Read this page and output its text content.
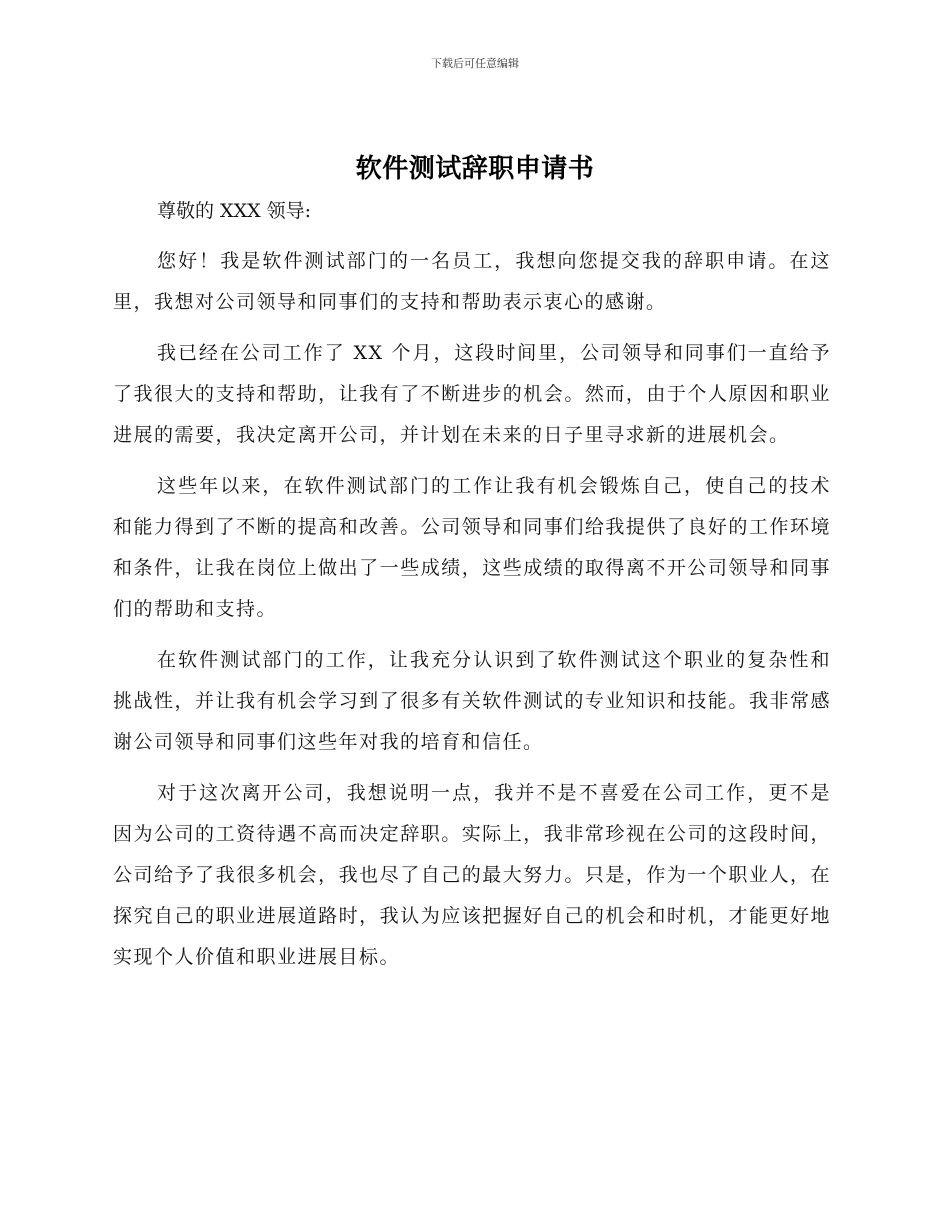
下载后可任意编辑
软件测试辞职申请书

尊敬的 XXX 领导:

您好！我是软件测试部门的一名员工，我想向您提交我的辞职申请。在这里，我想对公司领导和同事们的支持和帮助表示衷心的感谢。

我已经在公司工作了 XX 个月，这段时间里，公司领导和同事们一直给予了我很大的支持和帮助，让我有了不断进步的机会。然而，由于个人原因和职业进展的需要，我决定离开公司，并计划在未来的日子里寻求新的进展机会。

这些年以来，在软件测试部门的工作让我有机会锻炼自己，使自己的技术和能力得到了不断的提高和改善。公司领导和同事们给我提供了良好的工作环境和条件，让我在岗位上做出了一些成绩，这些成绩的取得离不开公司领导和同事们的帮助和支持。

在软件测试部门的工作，让我充分认识到了软件测试这个职业的复杂性和挑战性，并让我有机会学习到了很多有关软件测试的专业知识和技能。我非常感谢公司领导和同事们这些年对我的培育和信任。

对于这次离开公司，我想说明一点，我并不是不喜爱在公司工作，更不是因为公司的工资待遇不高而决定辞职。实际上，我非常珍视在公司的这段时间，公司给予了我很多机会，我也尽了自己的最大努力。只是，作为一个职业人，在探究自己的职业进展道路时，我认为应该把握好自己的机会和时机，才能更好地实现个人价值和职业进展目标。
